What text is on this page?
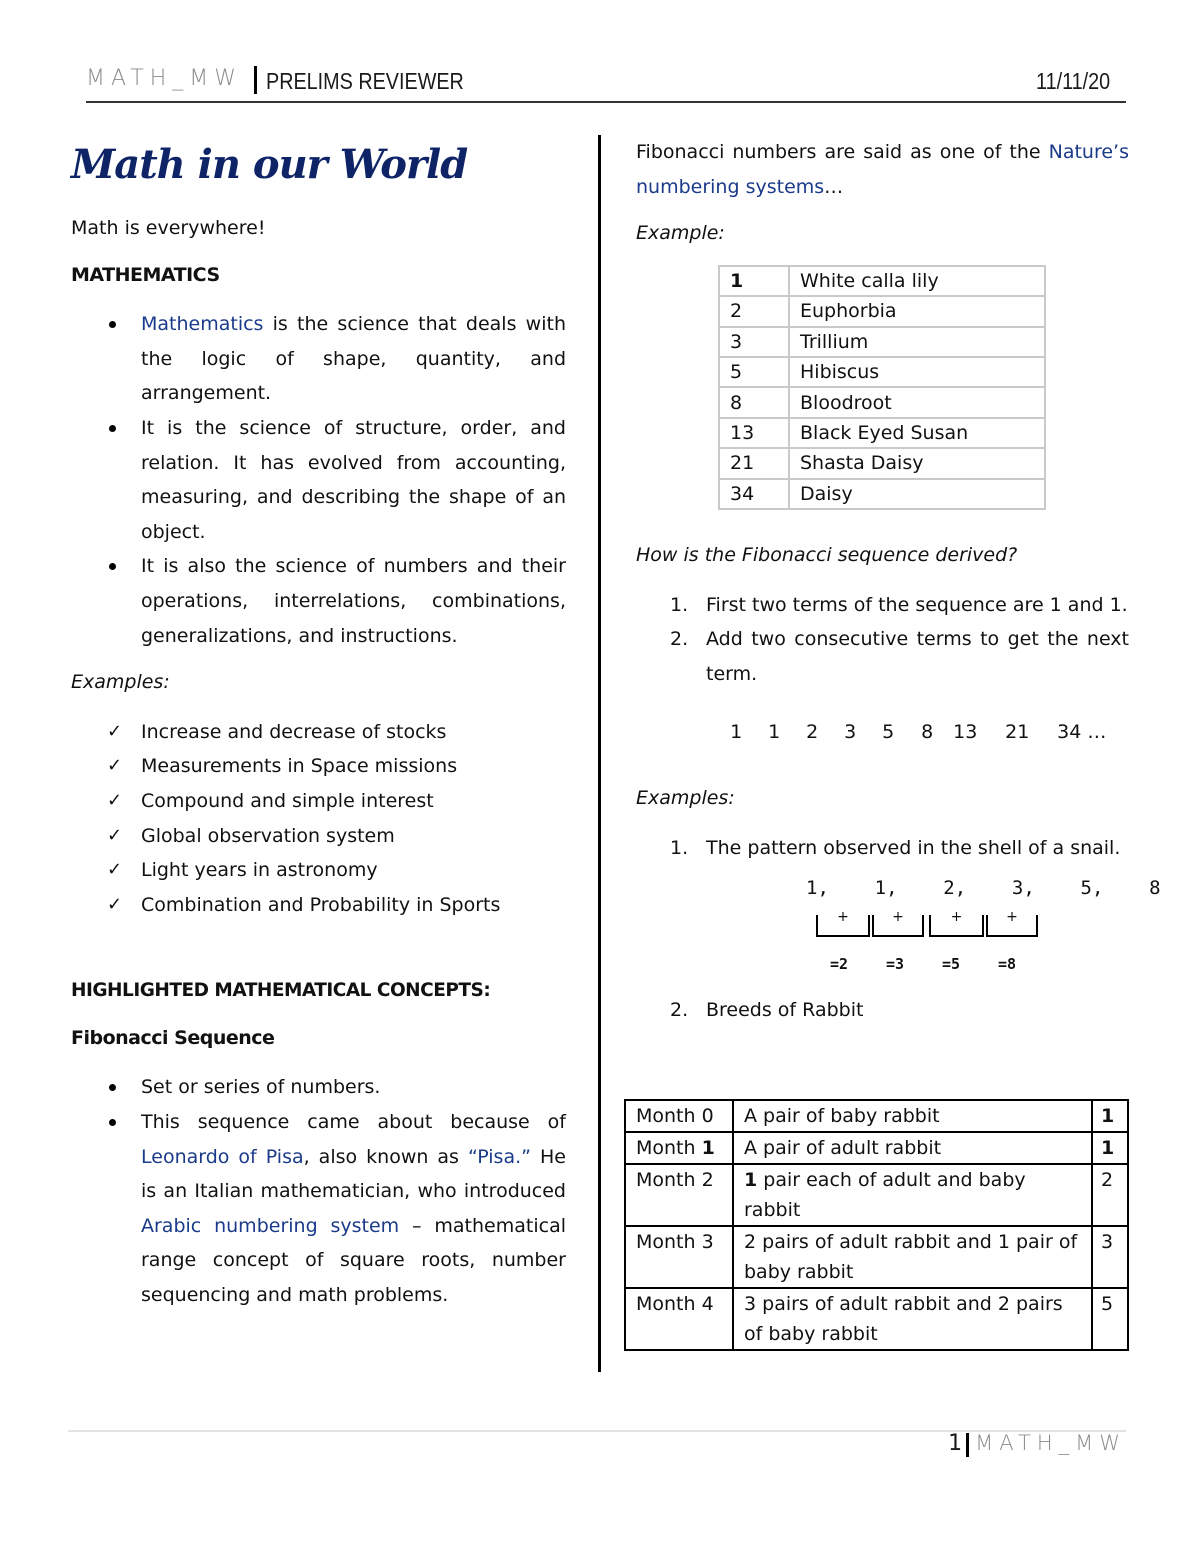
MATH_MW PRELIMS REVIEWER	11/11/20
Math in our World

Math is everywhere!

MATHEMATICS

Mathematics is the science that deals with the logic of shape, quantity, and arrangement.
It is the science of structure, order, and relation. It has evolved from accounting, measuring, and describing the shape of an object.
It is also the science of numbers and their operations, interrelations, combinations, generalizations, and instructions.

Examples:

✓ Increase and decrease of stocks
✓ Measurements in Space missions
✓ Compound and simple interest
✓ Global observation system
✓ Light years in astronomy
✓ Combination and Probability in Sports

HIGHLIGHTED MATHEMATICAL CONCEPTS:

Fibonacci Sequence

Set or series of numbers.
This sequence came about because of Leonardo of Pisa, also known as “Pisa.” He is an Italian mathematician, who introduced Arabic numbering system – mathematical range concept of square roots, number sequencing and math problems.

Fibonacci numbers are said as one of the Nature’s numbering systems…

Example:

1	White calla lily
2	Euphorbia
3	Trillium
5	Hibiscus
8	Bloodroot
13	Black Eyed Susan
21	Shasta Daisy
34	Daisy

How is the Fibonacci sequence derived?

1. First two terms of the sequence are 1 and 1.
2. Add two consecutive terms to get the next term.

1 1 2 3 5 8 13 21 34 …

Examples:

1. The pattern observed in the shell of a snail.
1,    1,    2,    3,    5,    8
+	+	+	+
=2	=3	=5	=8
2. Breeds of Rabbit
Month 0	A pair of baby rabbit	1
Month 1	A pair of adult rabbit	1
Month 2	1 pair each of adult and baby rabbit	2
Month 3	2 pairs of adult rabbit and 1 pair of baby rabbit	3
Month 4	3 pairs of adult rabbit and 2 pairs of baby rabbit	5
1 MATH_MW
